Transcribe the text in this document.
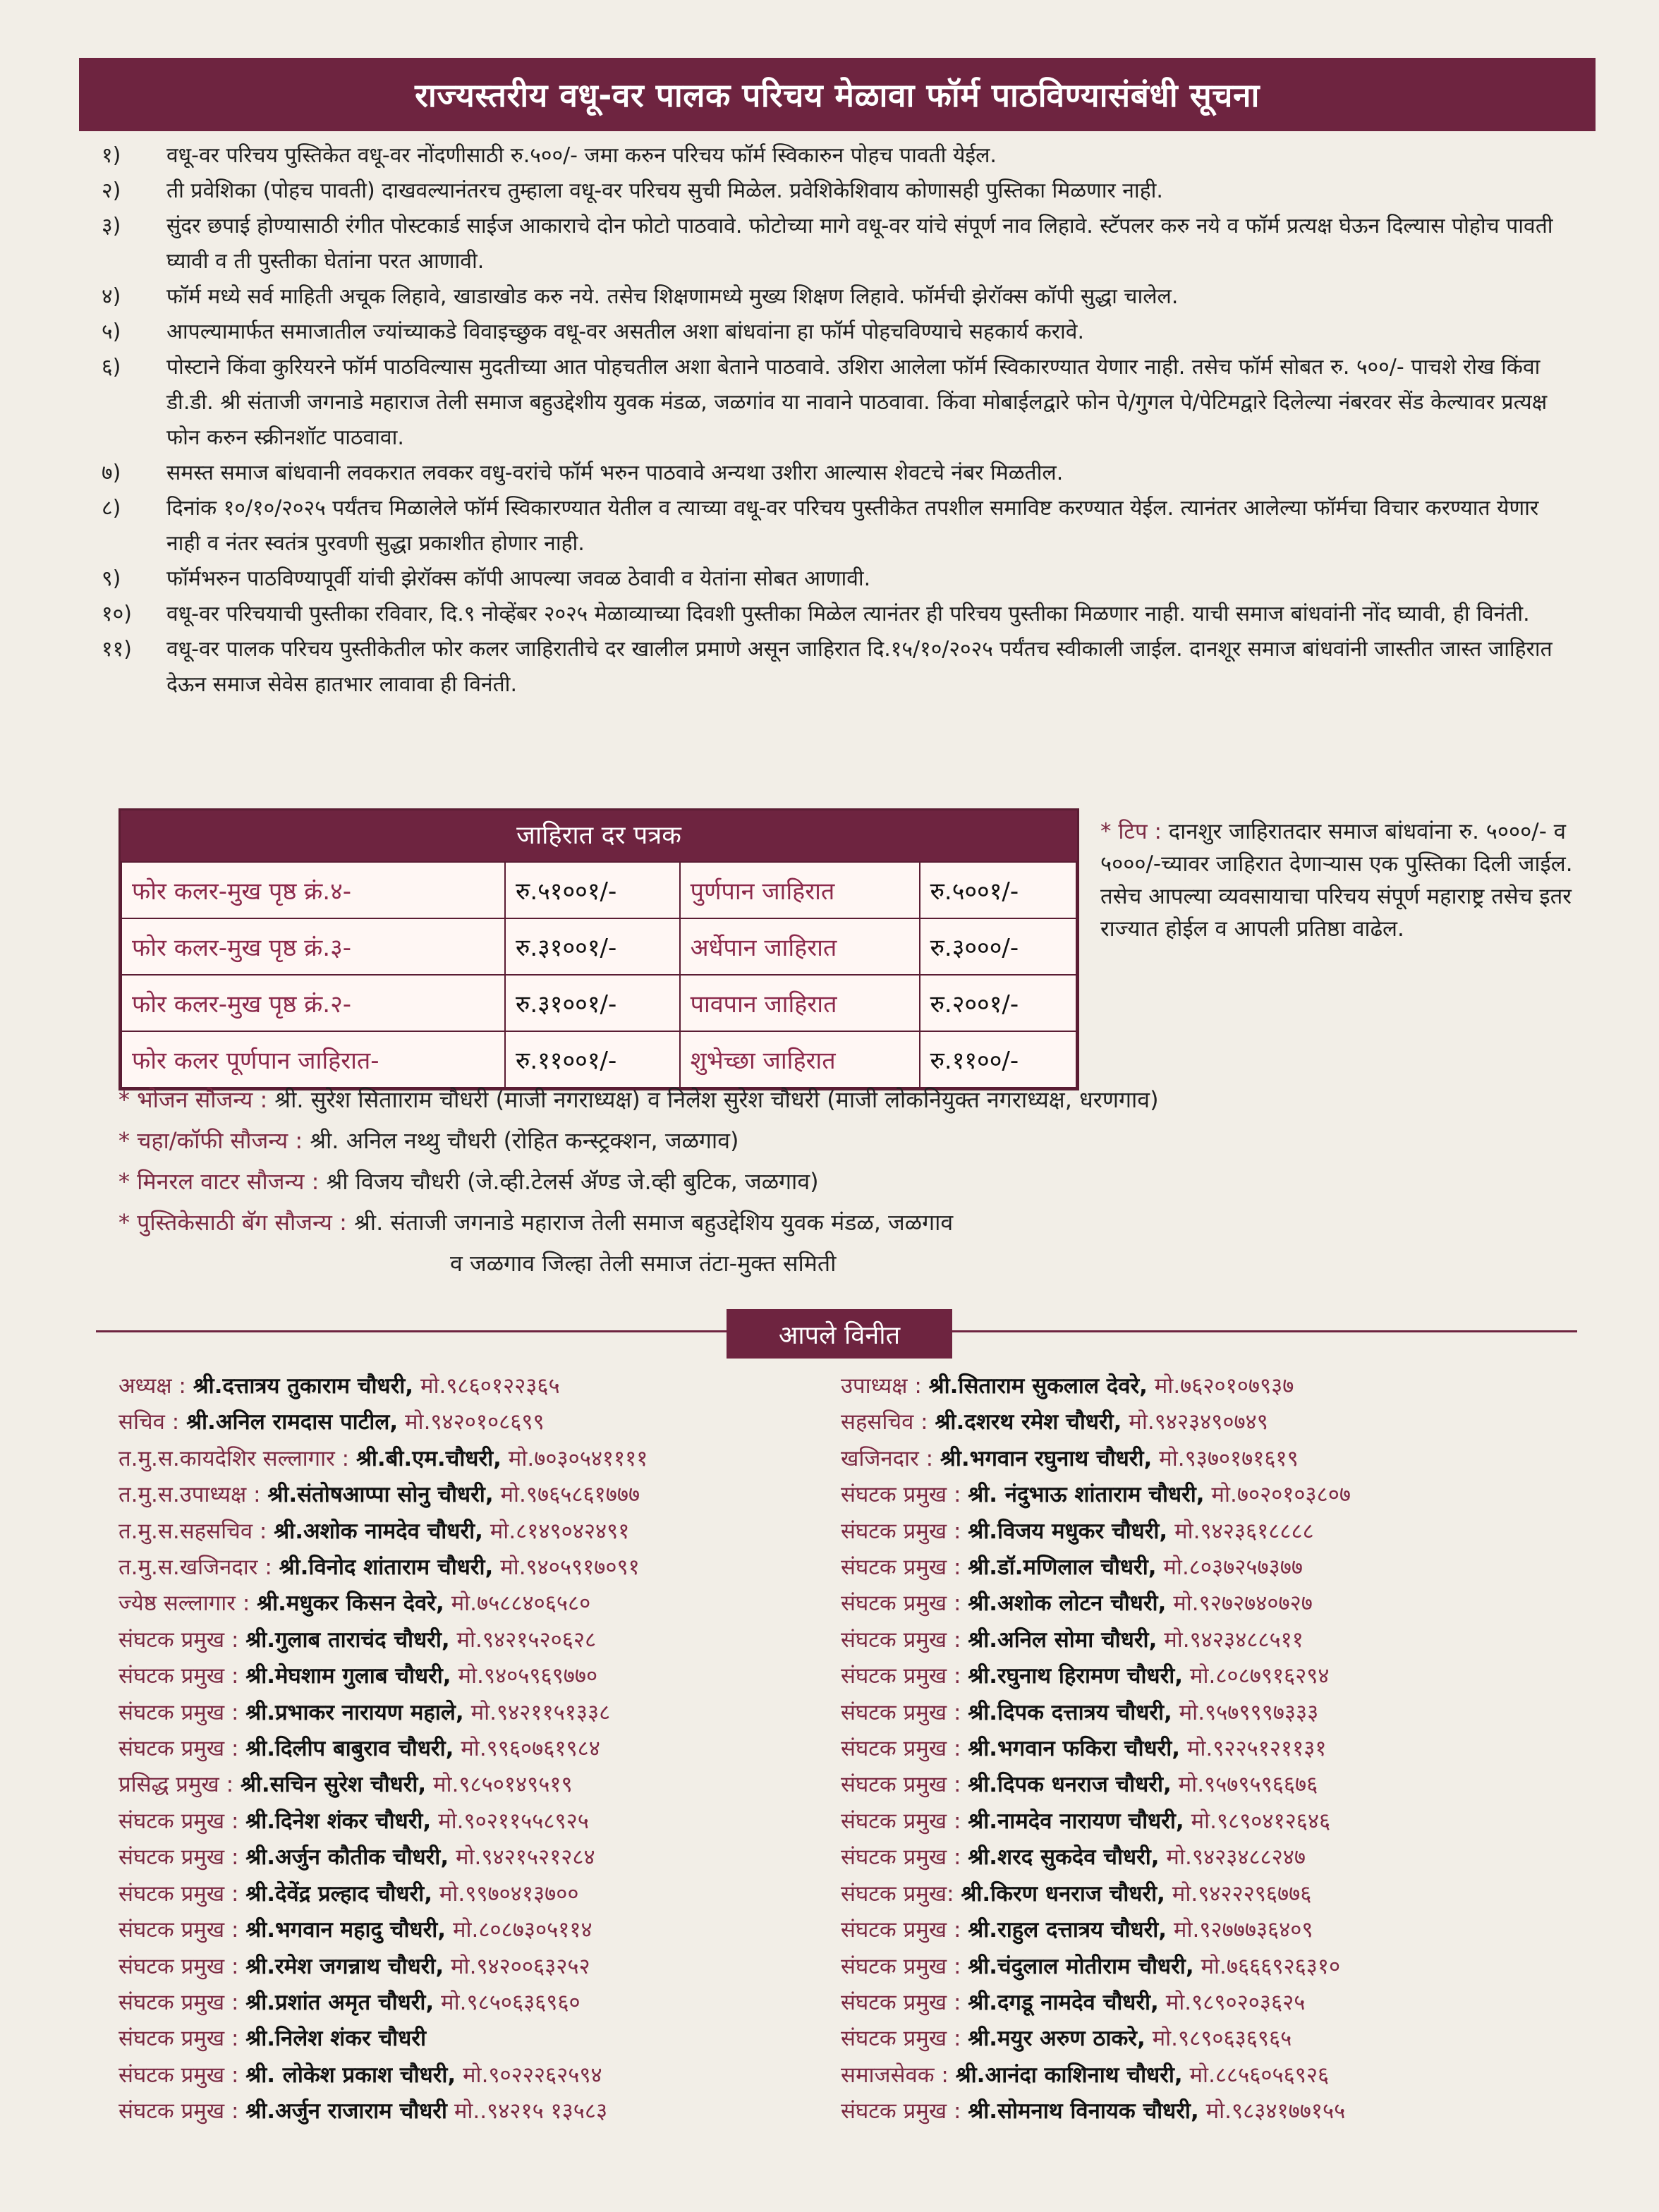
राज्यस्तरीय वधू-वर पालक परिचय मेळावा फॉर्म पाठविण्यासंबंधी सूचना
१)	वधू-वर परिचय पुस्तिकेत वधू-वर नोंदणीसाठी रु.५००/- जमा करुन परिचय फॉर्म स्विकारुन पोहच पावती येईल.
२)	ती प्रवेशिका (पोहच पावती) दाखवल्यानंतरच तुम्हाला वधू-वर परिचय सुची मिळेल. प्रवेशिकेशिवाय कोणासही पुस्तिका मिळणार नाही.
३)	सुंदर छपाई होण्यासाठी रंगीत पोस्टकार्ड साईज आकाराचे दोन फोटो पाठवावे. फोटोच्या मागे वधू-वर यांचे संपूर्ण नाव लिहावे. स्टॅपलर करु नये व फॉर्म प्रत्यक्ष घेऊन दिल्यास पोहोच पावती घ्यावी व ती पुस्तीका घेतांना परत आणावी.
४)	फॉर्म मध्ये सर्व माहिती अचूक लिहावे, खाडाखोड करु नये. तसेच शिक्षणामध्ये मुख्य शिक्षण लिहावे. फॉर्मची झेरॉक्स कॉपी सुद्धा चालेल.
५)	आपल्यामार्फत समाजातील ज्यांच्याकडे विवाइच्छुक वधू-वर असतील अशा बांधवांना हा फॉर्म पोहचविण्याचे सहकार्य करावे.
६)	पोस्टाने किंवा कुरियरने फॉर्म पाठविल्यास मुदतीच्या आत पोहचतील अशा बेताने पाठवावे. उशिरा आलेला फॉर्म स्विकारण्यात येणार नाही. तसेच फॉर्म सोबत रु. ५००/- पाचशे रोख किंवा डी.डी. श्री संताजी जगनाडे महाराज तेली समाज बहुउद्देशीय युवक मंडळ, जळगांव या नावाने पाठवावा. किंवा मोबाईलद्वारे फोन पे/गुगल पे/पेटिमद्वारे दिलेल्या नंबरवर सेंड केल्यावर प्रत्यक्ष फोन करुन स्क्रीनशॉट पाठवावा.
७)	समस्त समाज बांधवानी लवकरात लवकर वधु-वरांचे फॉर्म भरुन पाठवावे अन्यथा उशीरा आल्यास शेवटचे नंबर मिळतील.
८)	दिनांक १०/१०/२०२५ पर्यंतच मिळालेले फॉर्म स्विकारण्यात येतील व त्याच्या वधू-वर परिचय पुस्तीकेत तपशील समाविष्ट करण्यात येईल. त्यानंतर आलेल्या फॉर्मचा विचार करण्यात येणार नाही व नंतर स्वतंत्र पुरवणी सुद्धा प्रकाशीत होणार नाही.
९)	फॉर्मभरुन पाठविण्यापूर्वी यांची झेरॉक्स कॉपी आपल्या जवळ ठेवावी व येतांना सोबत आणावी.
१०)	वधू-वर परिचयाची पुस्तीका रविवार, दि.९ नोव्हेंबर २०२५ मेळाव्याच्या दिवशी पुस्तीका मिळेल त्यानंतर ही परिचय पुस्तीका मिळणार नाही. याची समाज बांधवांनी नोंद घ्यावी, ही विनंती.
११)	वधू-वर पालक परिचय पुस्तीकेतील फोर कलर जाहिरातीचे दर खालील प्रमाणे असून जाहिरात दि.१५/१०/२०२५ पर्यंतच स्वीकाली जाईल. दानशूर समाज बांधवांनी जास्तीत जास्त जाहिरात देऊन समाज सेवेस हातभार लावावा ही विनंती.
जाहिरात दर पत्रक
फोर कलर-मुख पृष्ठ क्रं.४-	रु.५१००१/-	पुर्णपान जाहिरात	रु.५००१/-
फोर कलर-मुख पृष्ठ क्रं.३-	रु.३१००१/-	अर्धेपान जाहिरात	रु.३०००/-
फोर कलर-मुख पृष्ठ क्रं.२-	रु.३१००१/-	पावपान जाहिरात	रु.२००१/-
फोर कलर पूर्णपान जाहिरात-	रु.११००१/-	शुभेच्छा जाहिरात	रु.११००/-
* टिप : दानशुर जाहिरातदार समाज बांधवांना रु. ५०००/- व ५०००/-च्यावर जाहिरात देणाऱ्यास एक पुस्तिका दिली जाईल. तसेच आपल्या व्यवसायाचा परिचय संपूर्ण महाराष्ट्र तसेच इतर राज्यात होईल व आपली प्रतिष्ठा वाढेल.
* भोजन सौजन्य : श्री. सुरेश सितााराम चौधरी (माजी नगराध्यक्ष) व निलेश सुरेश चौधरी (माजी लोकनियुक्त नगराध्यक्ष, धरणगाव)
* चहा/कॉफी सौजन्य : श्री. अनिल नथ्थु चौधरी (रोहित कन्स्ट्रक्शन, जळगाव)
* मिनरल वाटर सौजन्य : श्री विजय चौधरी (जे.व्ही.टेलर्स ॲण्ड जे.व्ही बुटिक, जळगाव)
* पुस्तिकेसाठी बॅग सौजन्य : श्री. संताजी जगनाडे महाराज तेली समाज बहुउद्देशिय युवक मंडळ, जळगाव
व जळगाव जिल्हा तेली समाज तंटा-मुक्त समिती
आपले विनीत
अध्यक्ष : श्री.दत्तात्रय तुकाराम चौधरी, मो.९८६०१२२३६५
सचिव : श्री.अनिल रामदास पाटील, मो.९४२०१०८६९९
त.मु.स.कायदेशिर सल्लागार : श्री.बी.एम.चौधरी, मो.७०३०५४११११
त.मु.स.उपाध्यक्ष : श्री.संतोषआप्पा सोनु चौधरी, मो.९७६५८६१७७७
त.मु.स.सहसचिव : श्री.अशोक नामदेव चौधरी, मो.८१४९०४२४९१
त.मु.स.खजिनदार : श्री.विनोद शांताराम चौधरी, मो.९४०५९१७०९१
ज्येष्ठ सल्लागार : श्री.मधुकर किसन देवरे, मो.७५८८४०६५८०
संघटक प्रमुख : श्री.गुलाब ताराचंद चौधरी, मो.९४२१५२०६२८
संघटक प्रमुख : श्री.मेघशाम गुलाब चौधरी, मो.९४०५९६९७७०
संघटक प्रमुख : श्री.प्रभाकर नारायण महाले, मो.९४२११५१३३८
संघटक प्रमुख : श्री.दिलीप बाबुराव चौधरी, मो.९९६०७६१९८४
प्रसिद्ध प्रमुख : श्री.सचिन सुरेश चौधरी, मो.९८५०१४९५१९
संघटक प्रमुख : श्री.दिनेश शंकर चौधरी, मो.९०२११५५८९२५
संघटक प्रमुख : श्री.अर्जुन कौतीक चौधरी, मो.९४२१५२१२८४
संघटक प्रमुख : श्री.देवेंद्र प्रल्हाद चौधरी, मो.९९७०४१३७००
संघटक प्रमुख : श्री.भगवान महादु चौधरी, मो.८०८७३०५११४
संघटक प्रमुख : श्री.रमेश जगन्नाथ चौधरी, मो.९४२००६३२५२
संघटक प्रमुख : श्री.प्रशांत अमृत चौधरी, मो.९८५०६३६९६०
संघटक प्रमुख : श्री.निलेश शंकर चौधरी
संघटक प्रमुख : श्री. लोकेश प्रकाश चौधरी, मो.९०२२२६२५९४
संघटक प्रमुख : श्री.अर्जुन राजाराम चौधरी मो..९४२१५ १३५८३
उपाध्यक्ष : श्री.सिताराम सुकलाल देवरे, मो.७६२०१०७९३७
सहसचिव : श्री.दशरथ रमेश चौधरी, मो.९४२३४९०७४९
खजिनदार : श्री.भगवान रघुनाथ चौधरी, मो.९३७०१७१६१९
संघटक प्रमुख : श्री. नंदुभाऊ शांताराम चौधरी, मो.७०२०१०३८०७
संघटक प्रमुख : श्री.विजय मधुकर चौधरी, मो.९४२३६१८८८८
संघटक प्रमुख : श्री.डॉ.मणिलाल चौधरी, मो.८०३७२५७३७७
संघटक प्रमुख : श्री.अशोक लोटन चौधरी, मो.९२७२७४०७२७
संघटक प्रमुख : श्री.अनिल सोमा चौधरी, मो.९४२३४८८५११
संघटक प्रमुख : श्री.रघुनाथ हिरामण चौधरी, मो.८०८७९१६२९४
संघटक प्रमुख : श्री.दिपक दत्तात्रय चौधरी, मो.९५७९९९७३३३
संघटक प्रमुख : श्री.भगवान फकिरा चौधरी, मो.९२२५१२११३१
संघटक प्रमुख : श्री.दिपक धनराज चौधरी, मो.९५७९५९६६७६
संघटक प्रमुख : श्री.नामदेव नारायण चौधरी, मो.९८९०४१२६४६
संघटक प्रमुख : श्री.शरद सुकदेव चौधरी, मो.९४२३४८८२४७
संघटक प्रमुख: श्री.किरण धनराज चौधरी, मो.९४२२२९६७७६
संघटक प्रमुख : श्री.राहुल दत्तात्रय चौधरी, मो.९२७७७३६४०९
संघटक प्रमुख : श्री.चंदुलाल मोतीराम चौधरी, मो.७६६६९२६३१०
संघटक प्रमुख : श्री.दगडू नामदेव चौधरी, मो.९८९०२०३६२५
संघटक प्रमुख : श्री.मयुर अरुण ठाकरे, मो.९८९०६३६९६५
समाजसेवक : श्री.आनंदा काशिनाथ चौधरी, मो.८८५६०५६९२६
संघटक प्रमुख : श्री.सोमनाथ विनायक चौधरी, मो.९८३४१७७१५५
